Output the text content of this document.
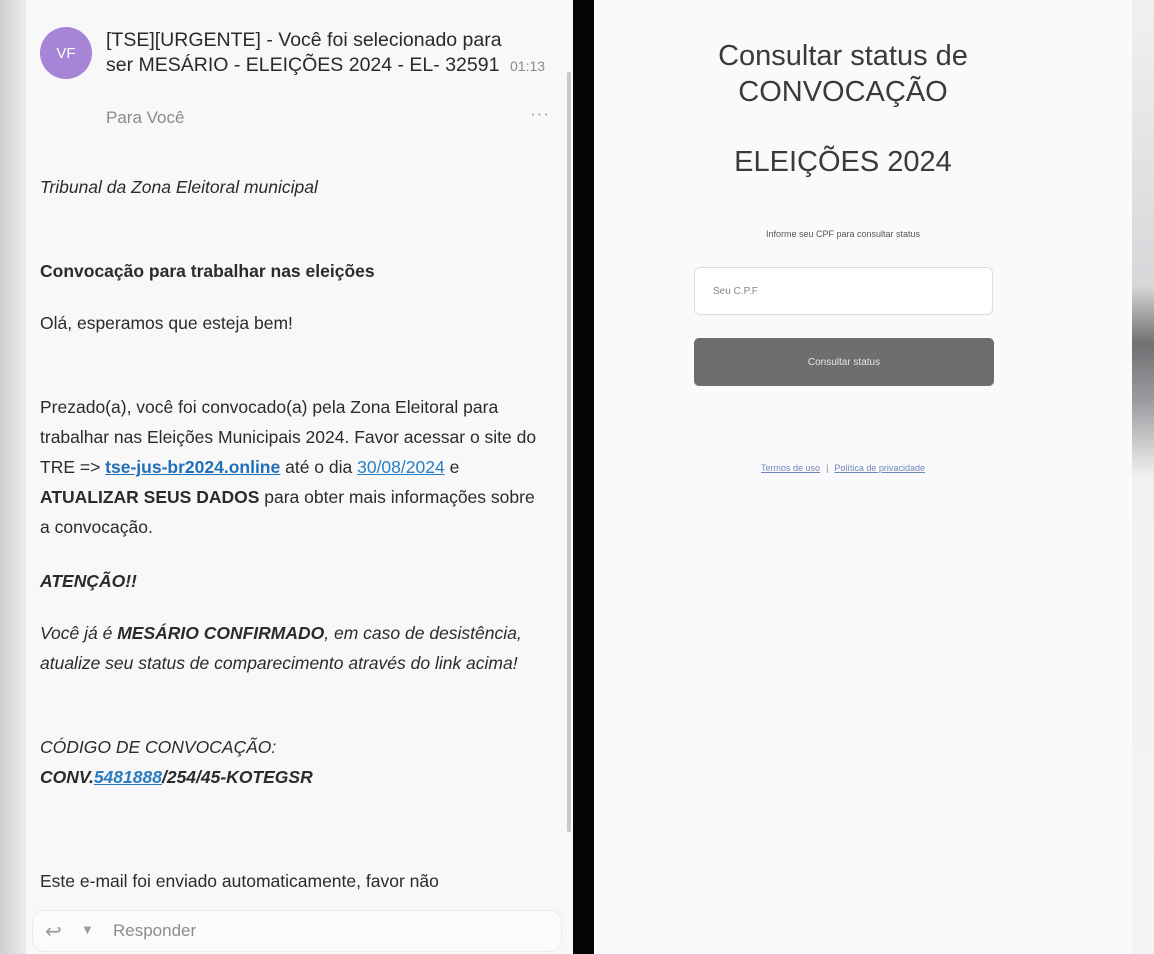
VF
[TSE][URGENTE] - Você foi selecionado para ser MESÁRIO - ELEIÇÕES 2024 - EL- 32591 01:13
Para Você	···
Tribunal da Zona Eleitoral municipal
Convocação para trabalhar nas eleições
Olá, esperamos que esteja bem!
Prezado(a), você foi convocado(a) pela Zona Eleitoral para trabalhar nas Eleições Municipais 2024. Favor acessar o site do TRE => tse-jus-br2024.online até o dia 30/08/2024 e ATUALIZAR SEUS DADOS para obter mais informações sobre a convocação.
ATENÇÃO!!
Você já é MESÁRIO CONFIRMADO, em caso de desistência, atualize seu status de comparecimento através do link acima!
CÓDIGO DE CONVOCAÇÃO:
CONV.5481888/254/45-KOTEGSR
Este e-mail foi enviado automaticamente, favor não
↩ ▼ Responder
Consultar status de
CONVOCAÇÃO
ELEIÇÕES 2024
Informe seu CPF para consultar status
Seu C.P.F
Consultar status
Termos de uso | Política de privacidade
